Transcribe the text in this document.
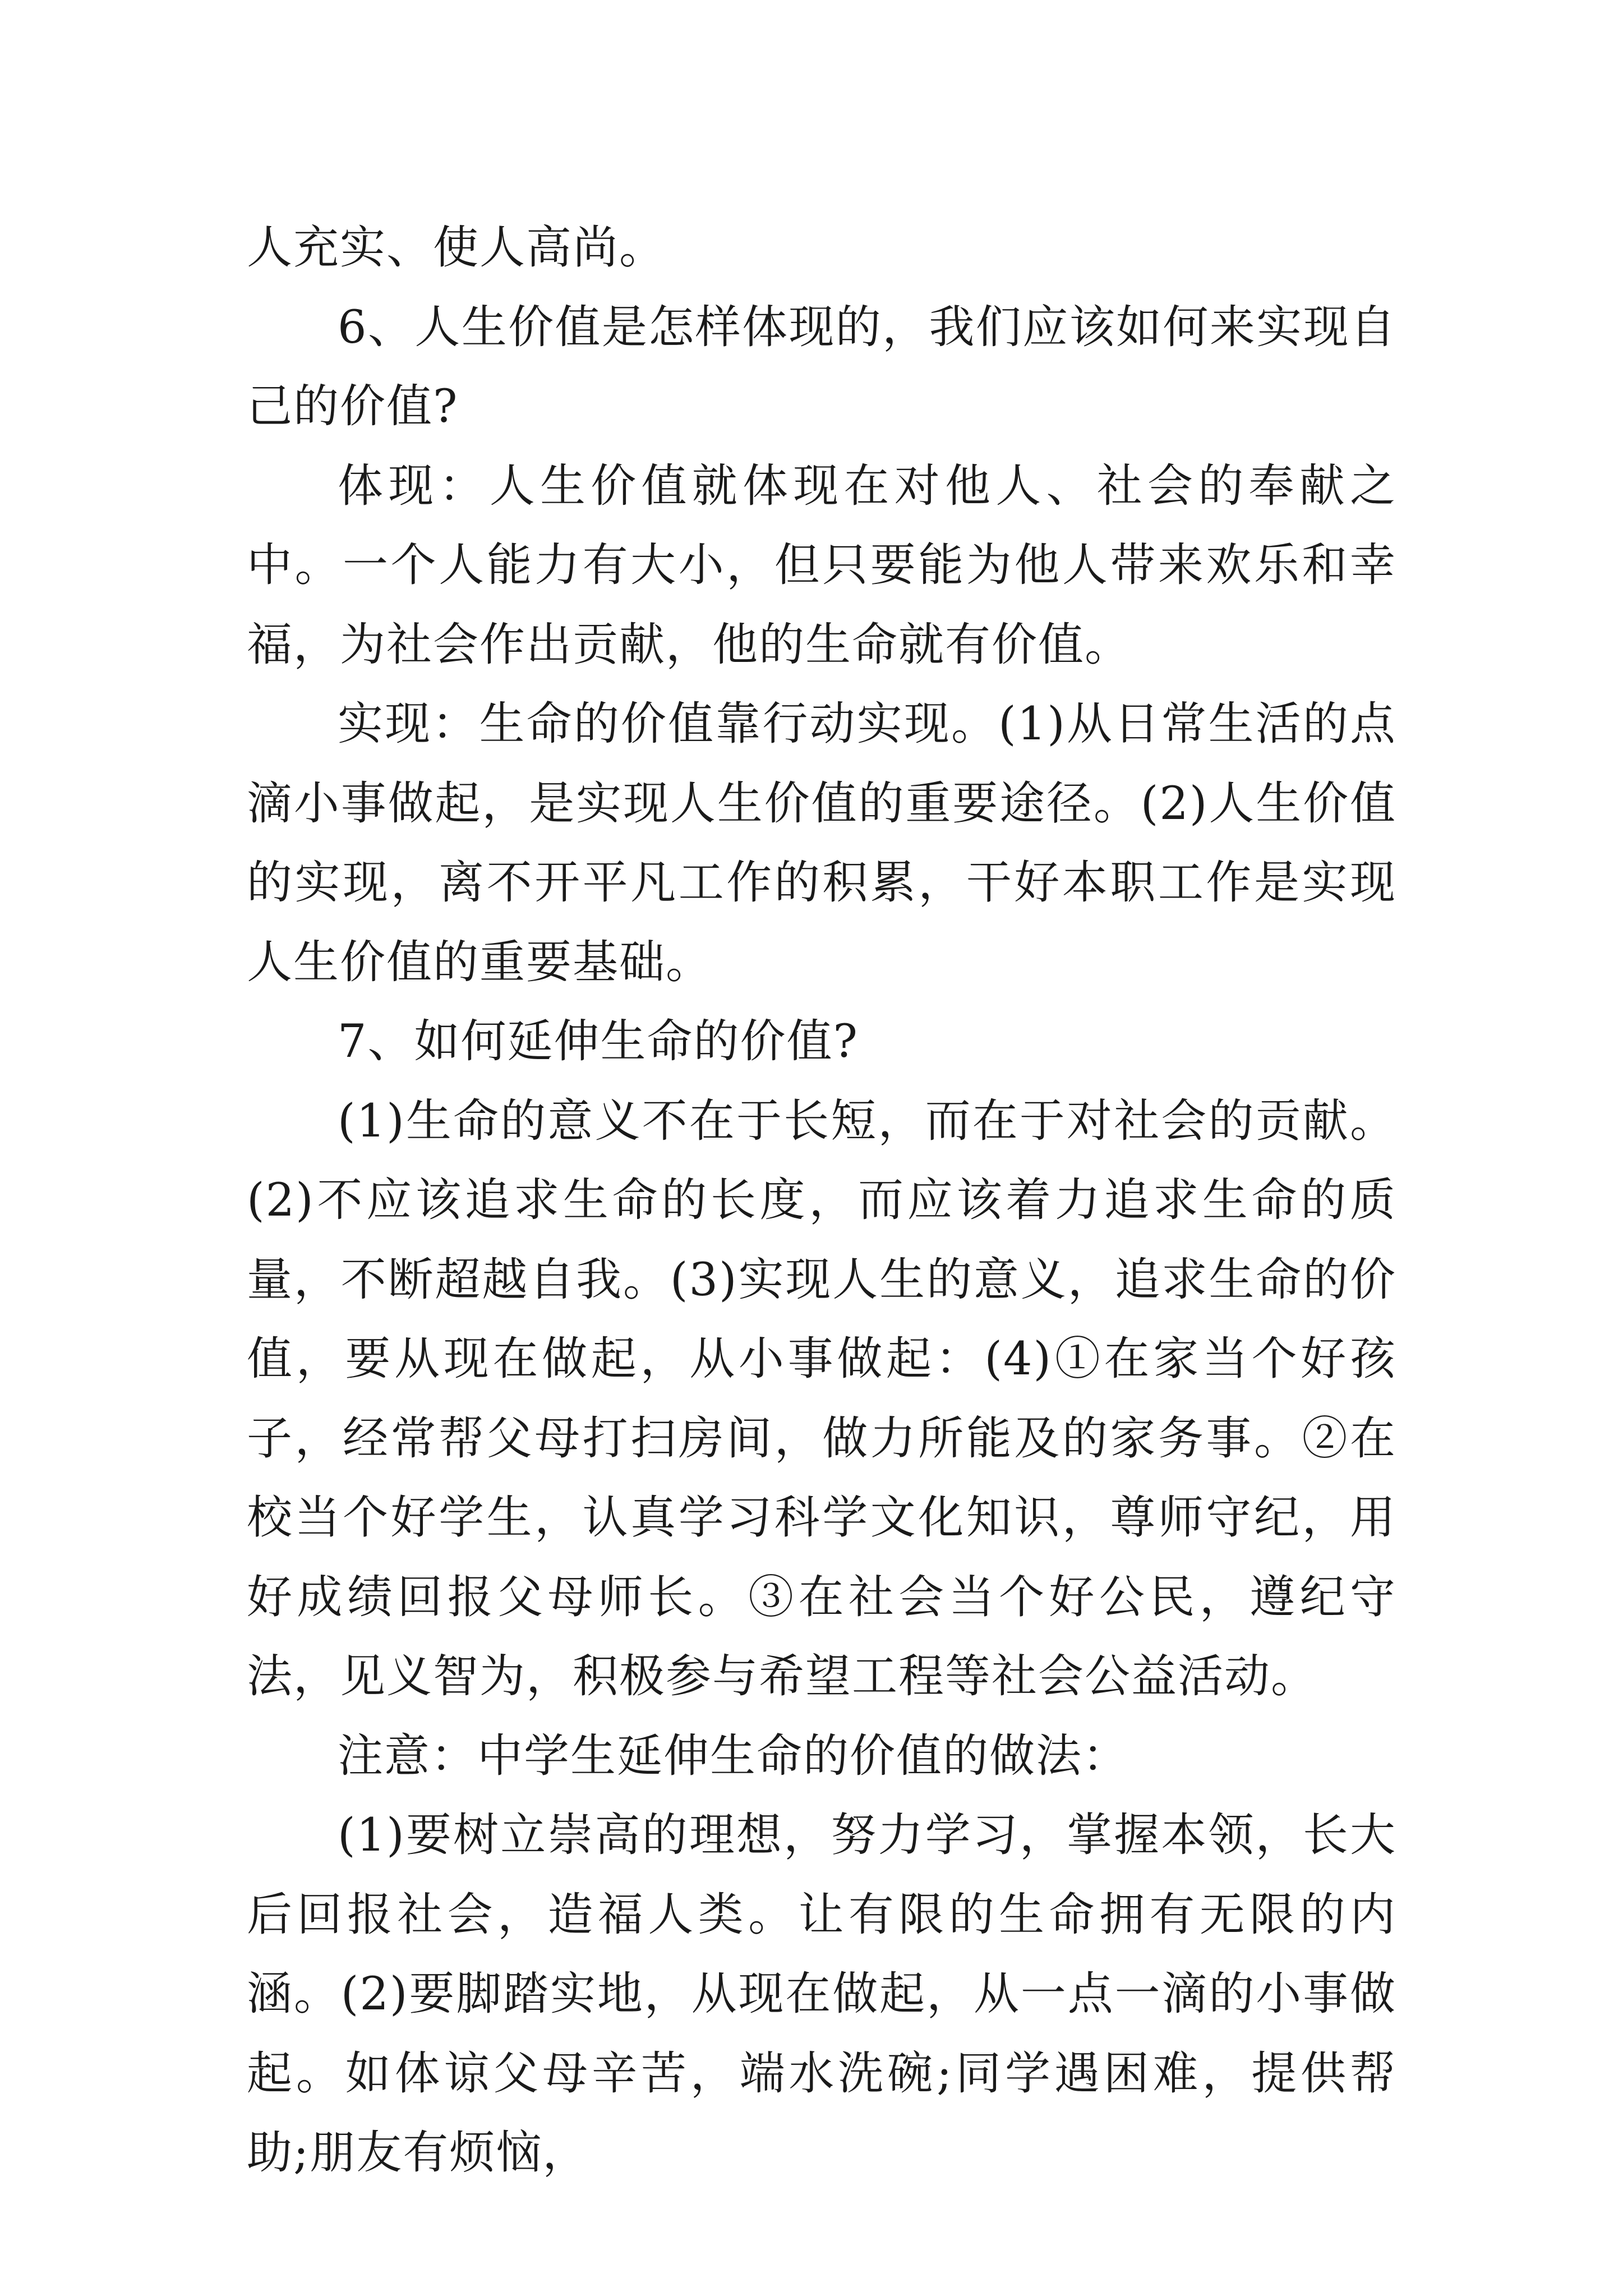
人充实、使人高尚。

6、人生价值是怎样体现的，我们应该如何来实现自己的价值?

体现：人生价值就体现在对他人、社会的奉献之中。一个人能力有大小，但只要能为他人带来欢乐和幸福，为社会作出贡献，他的生命就有价值。

实现：生命的价值靠行动实现。(1)从日常生活的点滴小事做起，是实现人生价值的重要途径。(2)人生价值的实现，离不开平凡工作的积累，干好本职工作是实现人生价值的重要基础。

7、如何延伸生命的价值?

(1)生命的意义不在于长短，而在于对社会的贡献。(2)不应该追求生命的长度，而应该着力追求生命的质量，不断超越自我。(3)实现人生的意义，追求生命的价值，要从现在做起，从小事做起：(4)①在家当个好孩子，经常帮父母打扫房间，做力所能及的家务事。②在校当个好学生，认真学习科学文化知识，尊师守纪，用好成绩回报父母师长。③在社会当个好公民，遵纪守法，见义智为，积极参与希望工程等社会公益活动。

注意：中学生延伸生命的价值的做法：

(1)要树立崇高的理想，努力学习，掌握本领，长大后回报社会，造福人类。让有限的生命拥有无限的内涵。(2)要脚踏实地，从现在做起，从一点一滴的小事做起。如体谅父母辛苦，端水洗碗;同学遇困难，提供帮助;朋友有烦恼，
